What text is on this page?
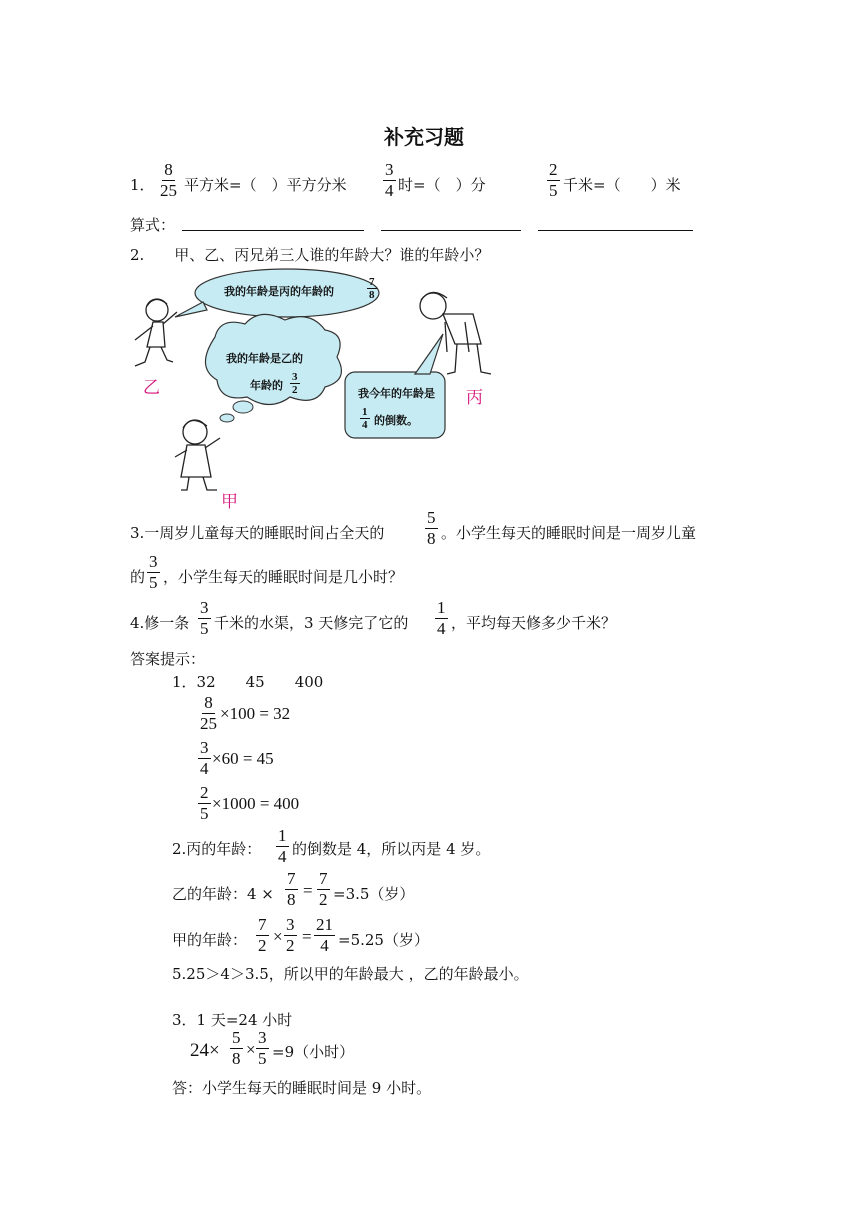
补充习题
1． $\frac{8}{25}$ 平方米=（　）平方分米 $\frac{3}{4}$ 时=（　）分	$\frac{2}{5}$ 千米=（　　）米
算式：
2.　　甲、乙、丙兄弟三人谁的年龄大？谁的年龄小？
我的年龄是丙的年龄的	$\frac{7}{8}$
我的年龄是乙的
年龄的 $\frac{3}{2}$	我今年的年龄是
$\frac{1}{4}$ 的倒数。
乙	丙
甲
3.一周岁儿童每天的睡眠时间占全天的 $\frac{5}{8}$ 。小学生每天的睡眠时间是一周岁儿童
的 $\frac{3}{5}$ ，小学生每天的睡眠时间是几小时？
4.修一条 $\frac{3}{5}$ 千米的水渠，3 天修完了它的 $\frac{1}{4}$ ，平均每天修多少千米？
答案提示：
1．32　　45　　400
$\frac{8}{25} \times 100 = 32$
$\frac{3}{4} \times 60 = 45$
$\frac{2}{5} \times 1000 = 400$
2.丙的年龄： $\frac{1}{4}$ 的倒数是 4，所以丙是 4 岁。
乙的年龄：$4 \times \frac{7}{8} = \frac{7}{2} =3.5$（岁）
甲的年龄： $\frac{7}{2} \times \frac{3}{2} = \frac{21}{4} =5.25$（岁）
5.25＞4＞3.5，所以甲的年龄最大 ，乙的年龄最小。
3．1 天=24 小时
$24\times \frac{5}{8} \times \frac{3}{5} =9$（小时）
答：小学生每天的睡眠时间是 9 小时。
